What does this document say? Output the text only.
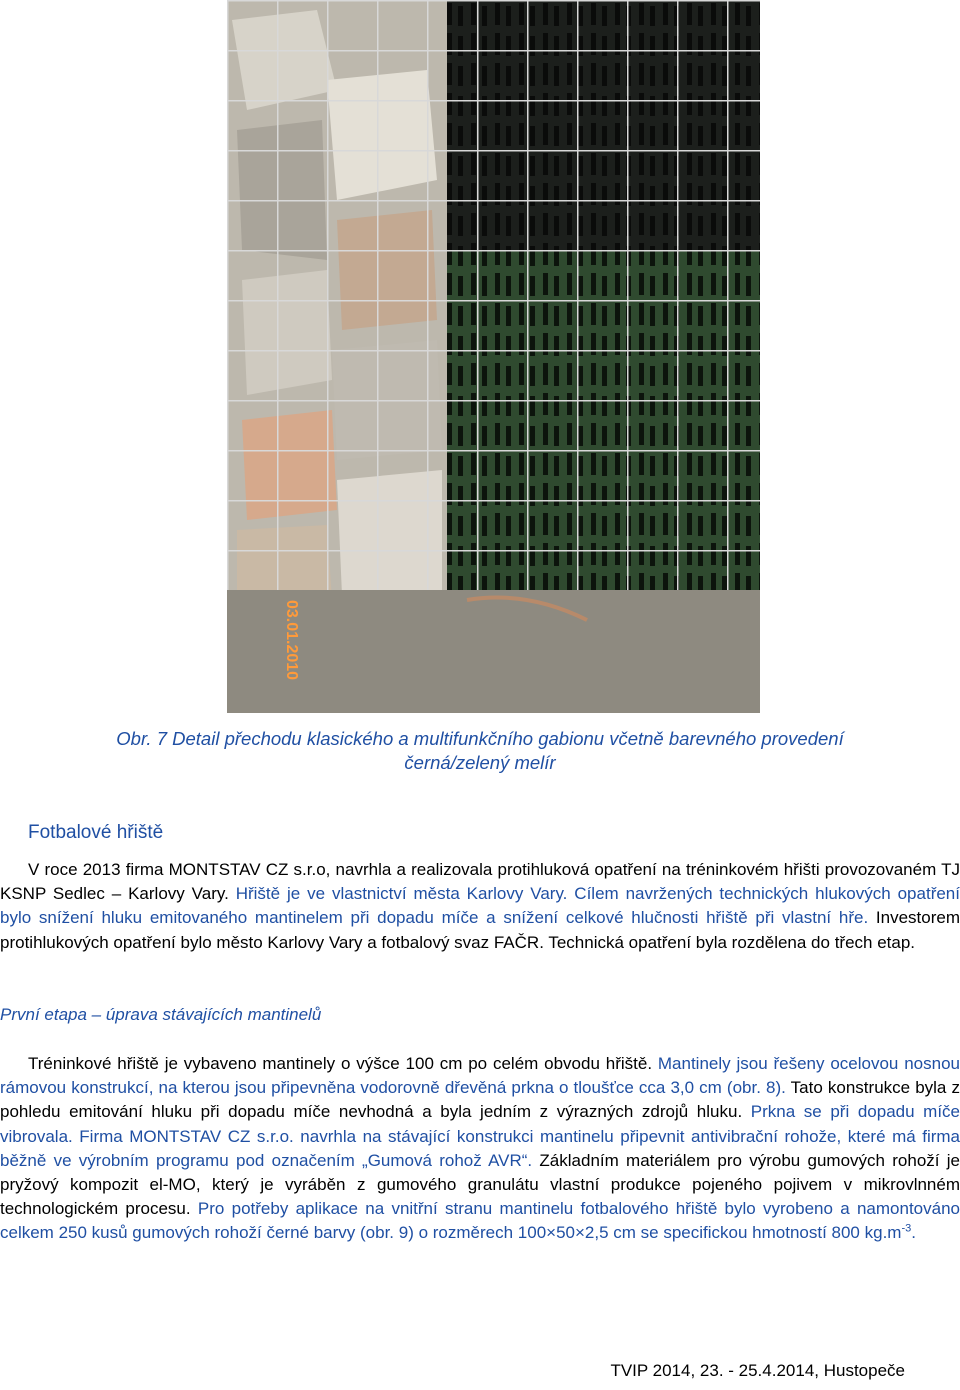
03.01.2010
Obr. 7 Detail přechodu klasického a multifunkčního gabionu včetně barevného provedení
černá/zelený melír
Fotbalové hřiště
V roce 2013 firma MONTSTAV CZ s.r.o, navrhla a realizovala protihluková opatření na tréninkovém hřišti provozovaném TJ KSNP Sedlec – Karlovy Vary. Hřiště je ve vlastnictví města Karlovy Vary. Cílem navržených technických hlukových opatření bylo snížení hluku emitovaného mantinelem při dopadu míče a snížení celkové hlučnosti hřiště při vlastní hře. Investorem protihlukových opatření bylo město Karlovy Vary a fotbalový svaz FAČR. Technická opatření byla rozdělena do třech etap.
První etapa – úprava stávajících mantinelů
Tréninkové hřiště je vybaveno mantinely o výšce 100 cm po celém obvodu hřiště. Mantinely jsou řešeny ocelovou nosnou rámovou konstrukcí, na kterou jsou připevněna vodorovně dřevěná prkna o tloušťce cca 3,0 cm (obr. 8). Tato konstrukce byla z pohledu emitování hluku při dopadu míče nevhodná a byla jedním z výrazných zdrojů hluku. Prkna se při dopadu míče vibrovala. Firma MONTSTAV CZ s.r.o. navrhla na stávající konstrukci mantinelu připevnit antivibrační rohože, které má firma běžně ve výrobním programu pod označením „Gumová rohož AVR“. Základním materiálem pro výrobu gumových rohoží je pryžový kompozit el-MO, který je vyráběn z gumového granulátu vlastní produkce pojeného pojivem v mikrovlnném technologickém procesu. Pro potřeby aplikace na vnitřní stranu mantinelu fotbalového hřiště bylo vyrobeno a namontováno celkem 250 kusů gumových rohoží černé barvy (obr. 9) o rozměrech 100×50×2,5 cm se specifickou hmotností 800 $kg.m^{-3}$.
TVIP 2014, 23. - 25.4.2014, Hustopeče
